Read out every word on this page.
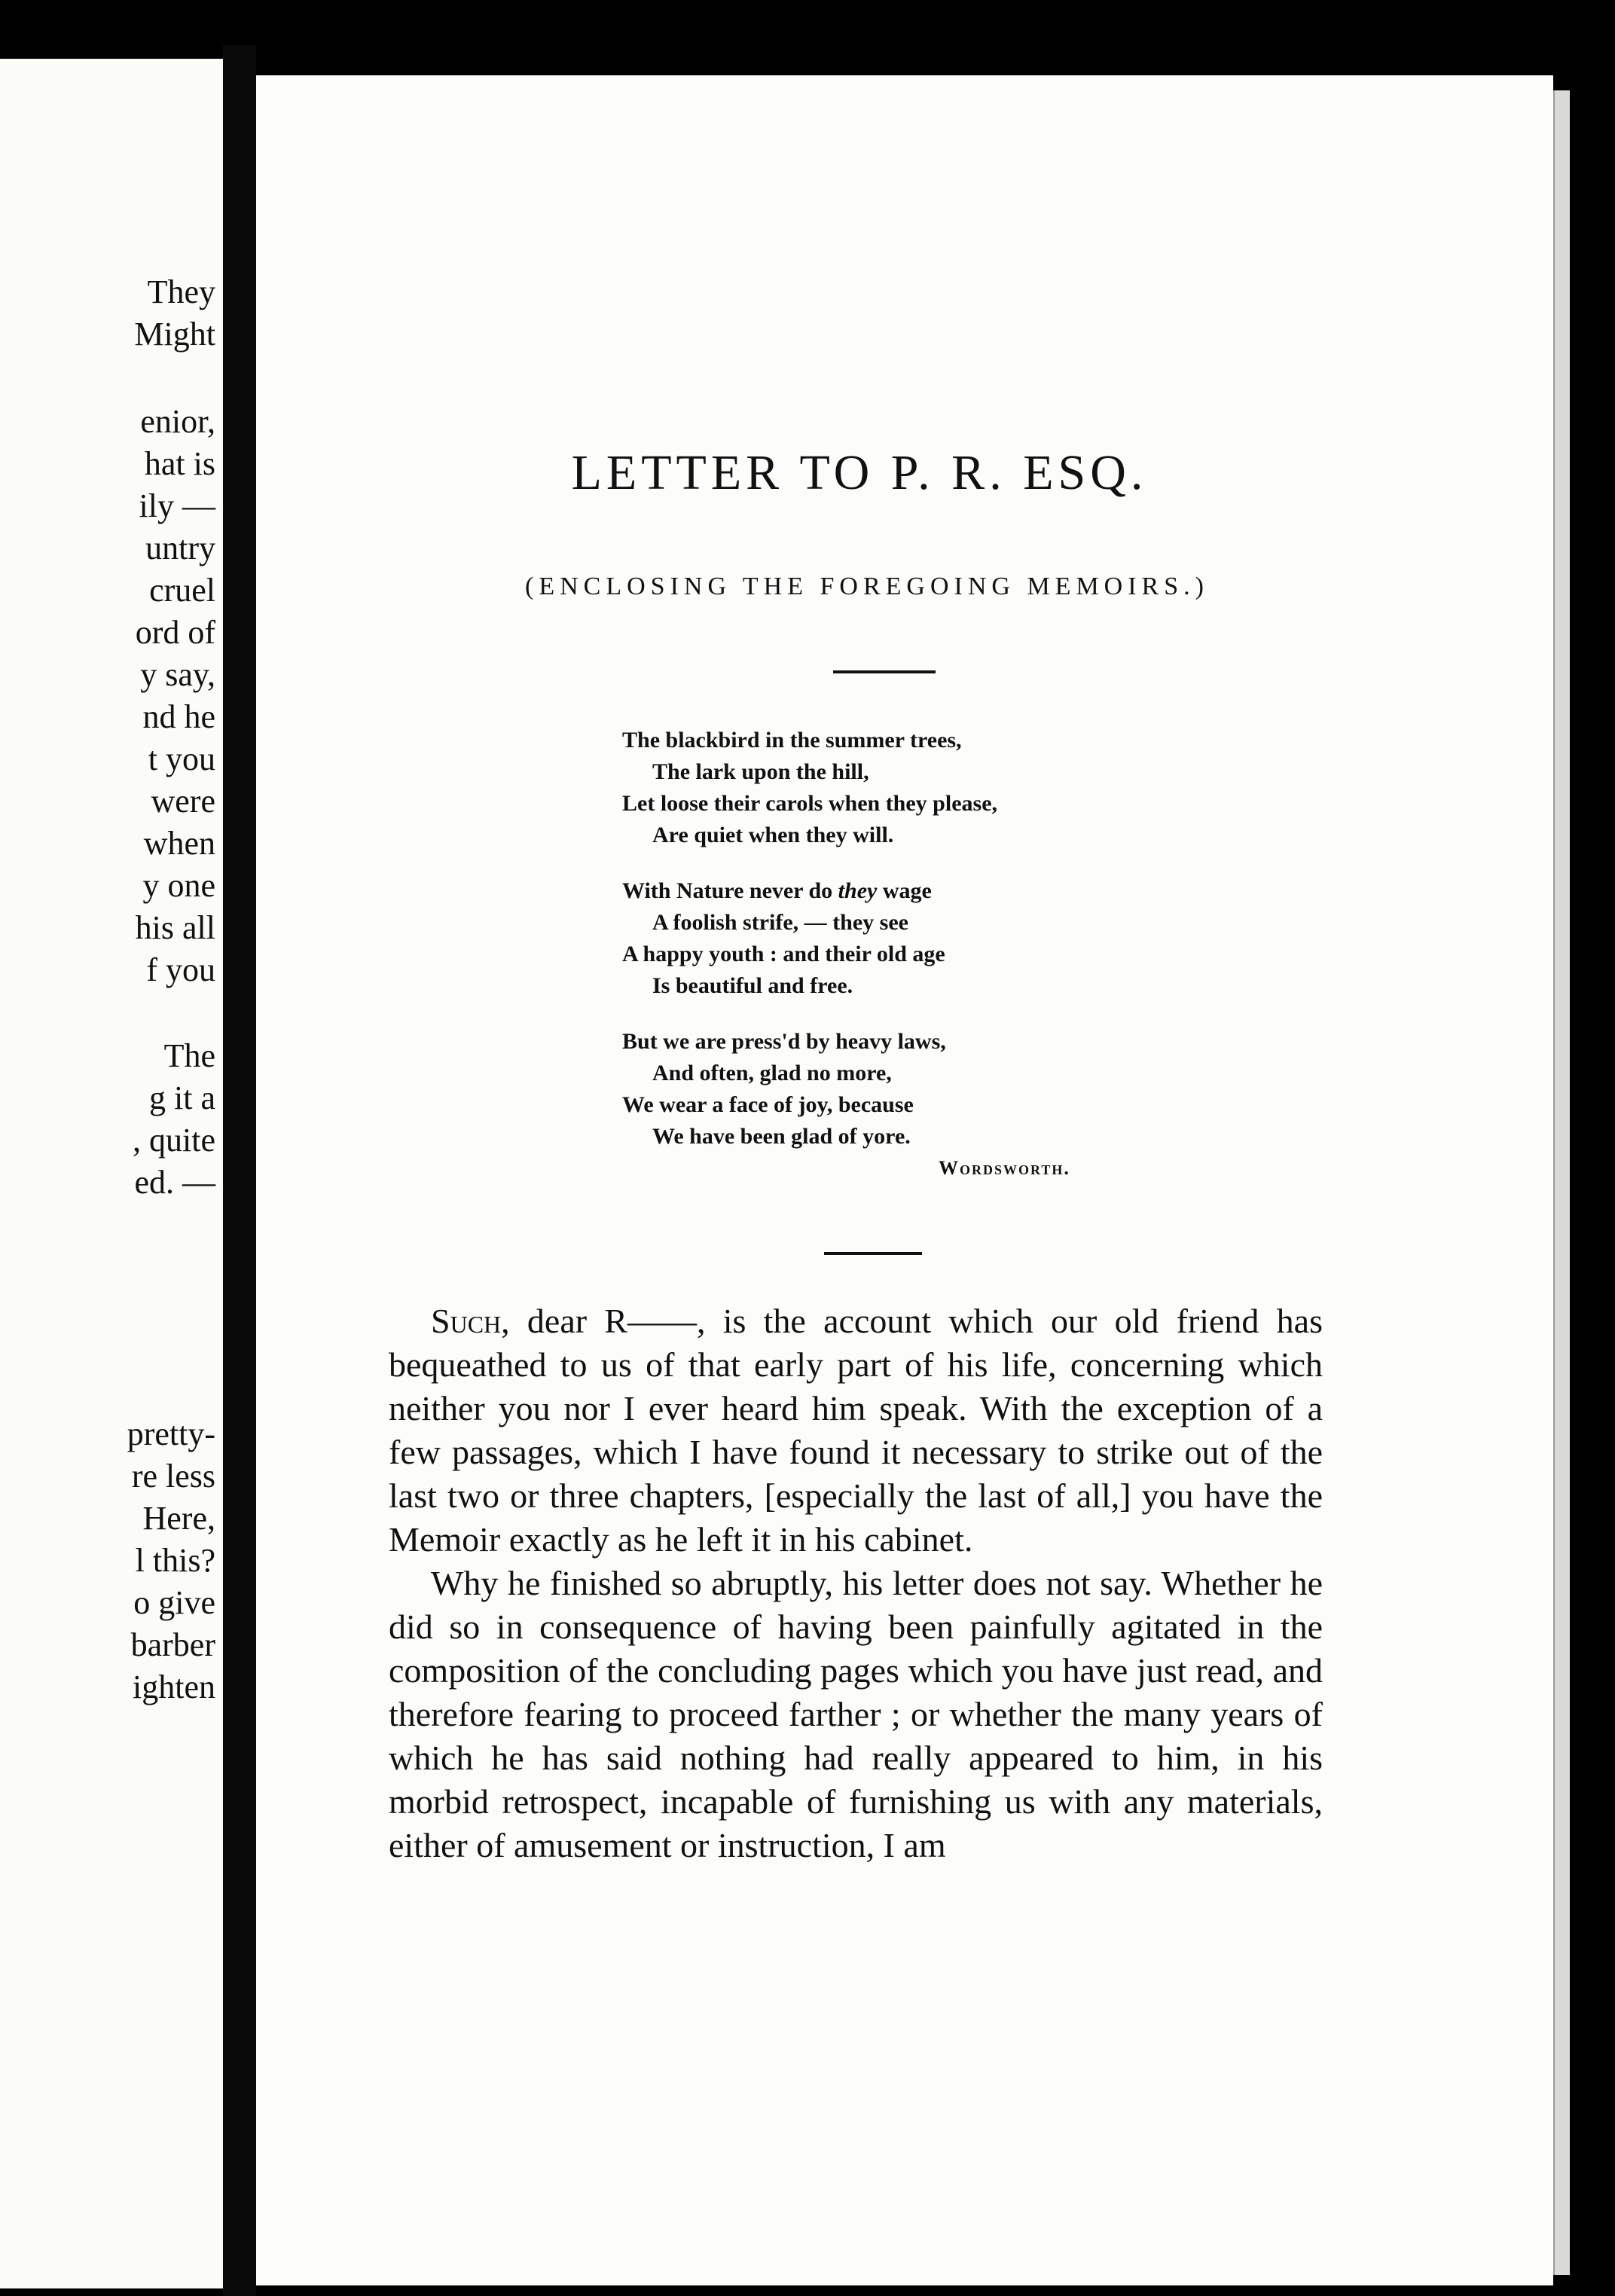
They
Might
enior,
hat is
ily —
untry
cruel
ord of
y say,
nd he
t you
were
when
y one
his all
f you
The
g it a
, quite
ed. —
pretty-
re less
Here,
l this?
o give
barber
ighten
LETTER TO P. R. ESQ.
(ENCLOSING THE FOREGOING MEMOIRS.)
The blackbird in the summer trees,
The lark upon the hill,
Let loose their carols when they please,
Are quiet when they will.
With Nature never do they wage
A foolish strife, — they see
A happy youth : and their old age
Is beautiful and free.
But we are press'd by heavy laws,
And often, glad no more,
We wear a face of joy, because
We have been glad of yore.
Wordsworth.

Such, dear R——, is the account which our old friend has bequeathed to us of that early part of his life, concerning which neither you nor I ever heard him speak. With the exception of a few passages, which I have found it necessary to strike out of the last two or three chapters, [especially the last of all,] you have the Memoir exactly as he left it in his cabinet.

Why he finished so abruptly, his letter does not say. Whether he did so in consequence of having been painfully agitated in the composition of the concluding pages which you have just read, and therefore fearing to proceed farther ; or whether the many years of which he has said nothing had really appeared to him, in his morbid retrospect, incapable of furnishing us with any materials, either of amusement or instruction, I am
